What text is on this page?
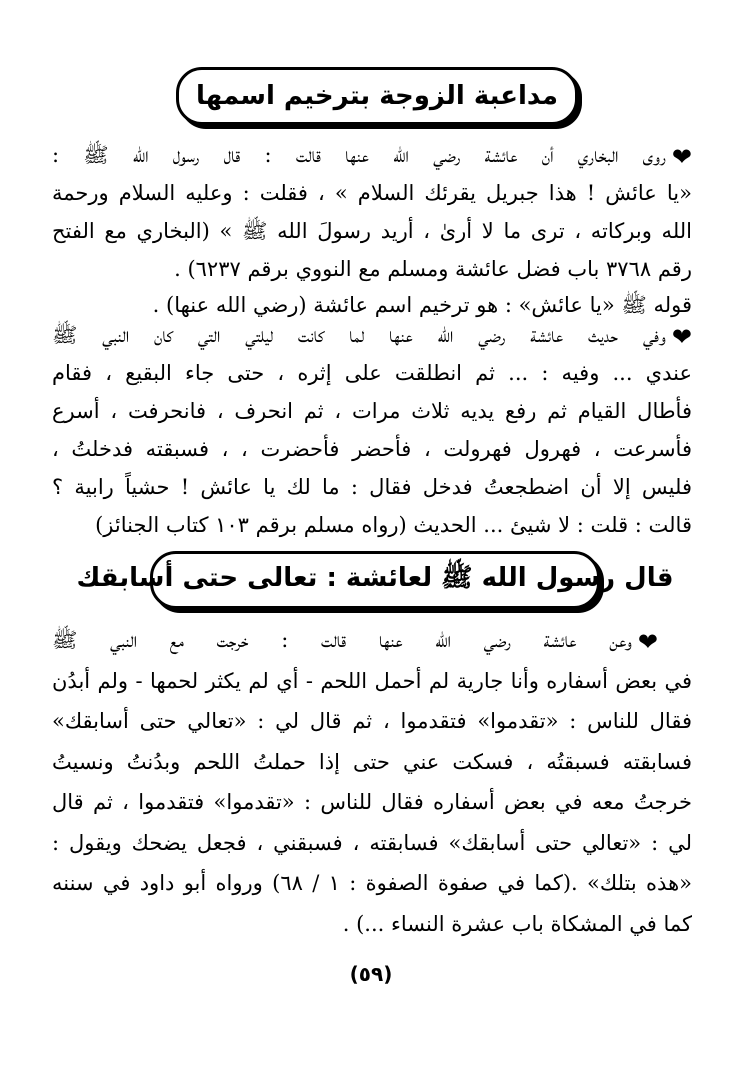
مداعبة الزوجة بترخيم اسمها
❤روى البخاري أن عائشة رضي الله عنها قالت : قال رسول الله ﷺ :
«يا عائش ! هذا جبريل يقرئك السلام » ، فقلت : وعليه السلام ورحمة
الله وبركاته ، ترى ما لا أرىٰ ، أريد رسولَ الله ﷺ » (البخاري مع الفتح
رقم ٣٧٦٨ باب فضل عائشة ومسلم مع النووي برقم ٦٢٣٧) .
قوله ﷺ «يا عائش» : هو ترخيم اسم عائشة (رضي الله عنها) .
❤وفي حديث عائشة رضي الله عنها لما كانت ليلتي التي كان النبي ﷺ
عندي ... وفيه : ... ثم انطلقت على إثره ، حتى جاء البقيع ، فقام
فأطال القيام ثم رفع يديه ثلاث مرات ، ثم انحرف ، فانحرفت ، أسرع
فأسرعت ، فهرول فهرولت ، فأحضر فأحضرت ، ، فسبقته فدخلتُ ،
فليس إلا أن اضطجعتُ فدخل فقال : ما لك يا عائش ! حشياً رابية ؟
قالت : قلت : لا شيئ ... الحديث (رواه مسلم برقم ١٠٣ كتاب الجنائز)
قال رسول الله ﷺ لعائشة : تعالى حتى أسابقك
❤وعن عائشة رضي الله عنها قالت : خرجت مع النبي ﷺ
في بعض أسفاره وأنا جارية لم أحمل اللحم - أي لم يكثر لحمها - ولم أبدُن
فقال للناس : «تقدموا» فتقدموا ، ثم قال لي : «تعالي حتى أسابقك»
فسابقته فسبقتُه ، فسكت عني حتى إذا حملتُ اللحم وبدُنتُ ونسيتُ
خرجتُ معه في بعض أسفاره فقال للناس : «تقدموا» فتقدموا ، ثم قال
لي : «تعالي حتى أسابقك» فسابقته ، فسبقني ، فجعل يضحك ويقول :
«هذه بتلك» .(كما في صفوة الصفوة : ١ / ٦٨) ورواه أبو داود في سننه
كما في المشكاة باب عشرة النساء ...) .
(٥٩)
